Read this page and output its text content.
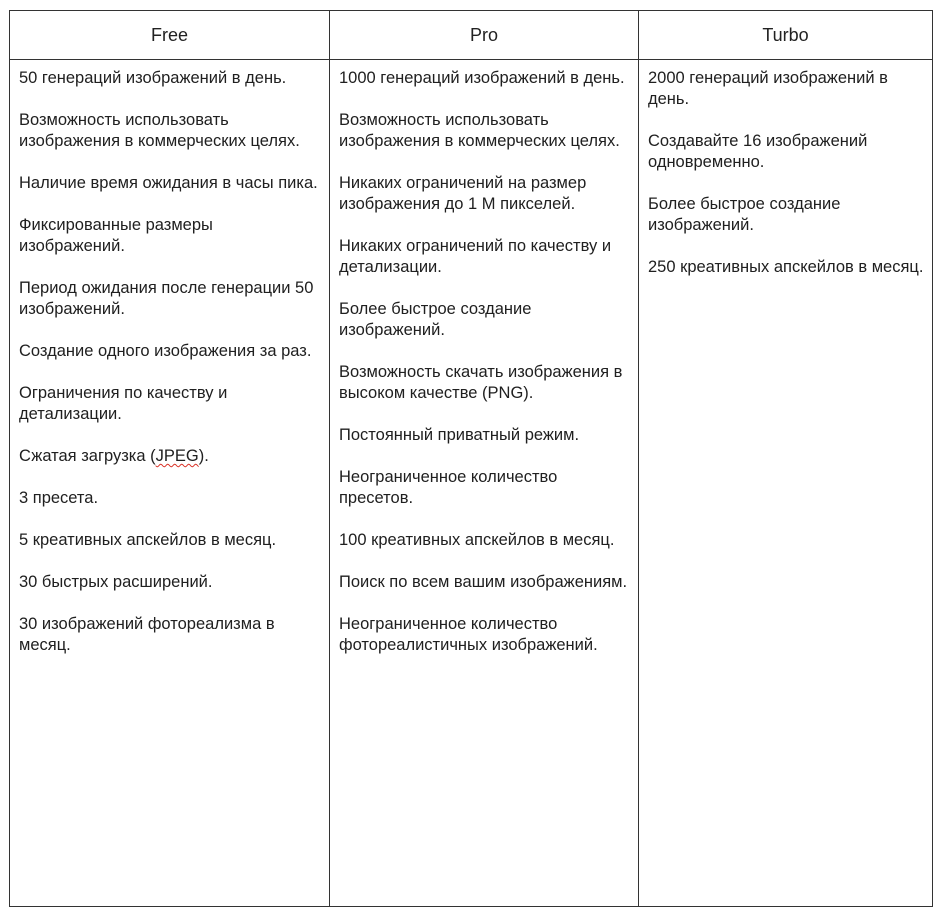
Free	Pro	Turbo

50 генераций изображений в день.

Возможность использовать изображения в коммерческих целях.

Наличие время ожидания в часы пика.

Фиксированные размеры изображений.

Период ожидания после генерации 50 изображений.

Создание одного изображения за раз.

Ограничения по качеству и детализации.

Сжатая загрузка (JPEG).

3 пресета.

5 креативных апскейлов в месяц.

30 быстрых расширений.

30 изображений фотореализма в месяц.

1000 генераций изображений в день.

Возможность использовать изображения в коммерческих целях.

Никаких ограничений на размер изображения до 1 М пикселей.

Никаких ограничений по качеству и детализации.

Более быстрое создание изображений.

Возможность скачать изображения в высоком качестве (PNG).

Постоянный приватный режим.

Неограниченное количество пресетов.

100 креативных апскейлов в месяц.

Поиск по всем вашим изображениям.

Неограниченное количество фотореалистичных изображений.

2000 генераций изображений в день.

Создавайте 16 изображений одновременно.

Более быстрое создание изображений.

250 креативных апскейлов в месяц.
